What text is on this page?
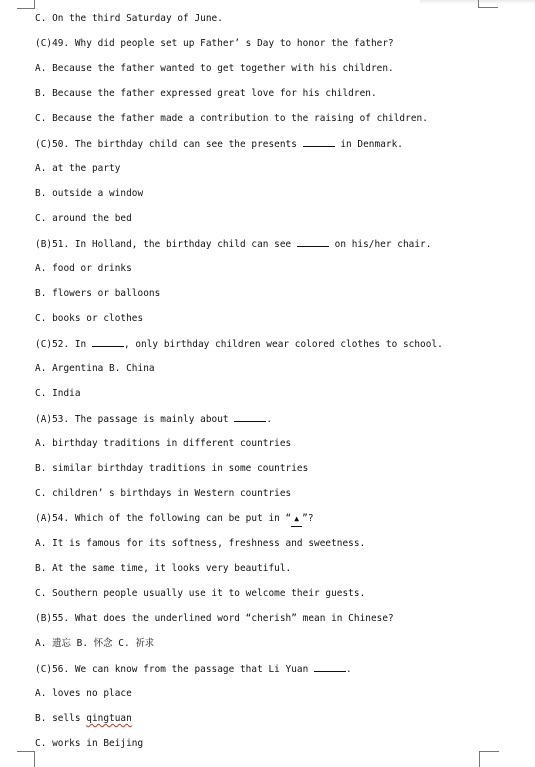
C. On the third Saturday of June.
(C)49. Why did people set up Father’ s Day to honor the father?
A. Because the father wanted to get together with his children.
B. Because the father expressed great love for his children.
C. Because the father made a contribution to the raising of children.
(C)50. The birthday child can see the presents	in Denmark.
A. at the party
B. outside a window
C. around the bed
(B)51. In Holland, the birthday child can see	on his/her chair.
A. food or drinks
B. flowers or balloons
C. books or clothes
(C)52. In	, only birthday children wear colored clothes to school.
A. Argentina B. China
C. India
(A)53. The passage is mainly about	.
A. birthday traditions in different countries
B. similar birthday traditions in some countries
C. children’ s birthdays in Western countries
(A)54. Which of the following can be put in “ ▲ ”?
A. It is famous for its softness, freshness and sweetness.
B. At the same time, it looks very beautiful.
C. Southern people usually use it to welcome their guests.
(B)55. What does the underlined word “cherish” mean in Chinese?
A. 遗忘 B. 怀念 C. 祈求
(C)56. We can know from the passage that Li Yuan	.
A. loves no place
B. sells qingtuan
C. works in Beijing
